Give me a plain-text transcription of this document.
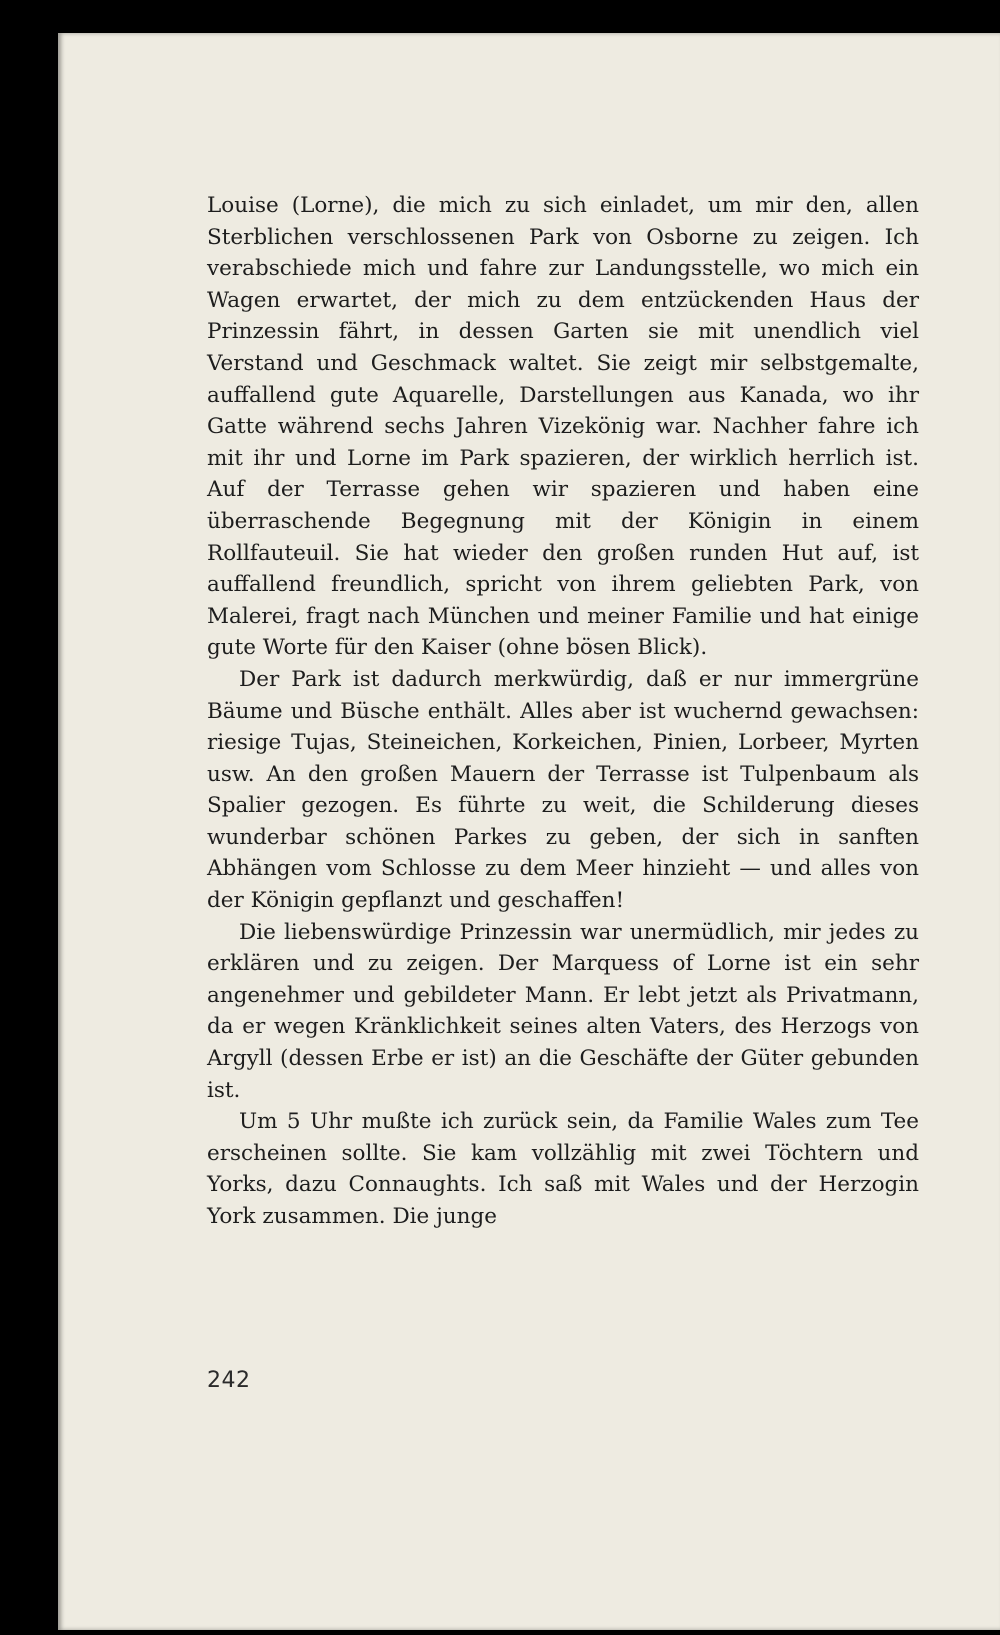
Louise (Lorne), die mich zu sich einladet, um mir den, allen Sterblichen verschlossenen Park von Osborne zu zeigen. Ich verabschiede mich und fahre zur Landungsstelle, wo mich ein Wagen erwartet, der mich zu dem entzückenden Haus der Prinzessin fährt, in dessen Garten sie mit unendlich viel Verstand und Geschmack waltet. Sie zeigt mir selbstgemalte, auffallend gute Aquarelle, Darstellungen aus Kanada, wo ihr Gatte während sechs Jahren Vizekönig war. Nachher fahre ich mit ihr und Lorne im Park spazieren, der wirklich herrlich ist. Auf der Terrasse gehen wir spazieren und haben eine überraschende Begegnung mit der Königin in einem Rollfauteuil. Sie hat wieder den großen runden Hut auf, ist auffallend freundlich, spricht von ihrem geliebten Park, von Malerei, fragt nach München und meiner Familie und hat einige gute Worte für den Kaiser (ohne bösen Blick).

Der Park ist dadurch merkwürdig, daß er nur immergrüne Bäume und Büsche enthält. Alles aber ist wuchernd gewachsen: riesige Tujas, Steineichen, Korkeichen, Pinien, Lorbeer, Myrten usw. An den großen Mauern der Terrasse ist Tulpenbaum als Spalier gezogen. Es führte zu weit, die Schilderung dieses wunderbar schönen Parkes zu geben, der sich in sanften Abhängen vom Schlosse zu dem Meer hinzieht — und alles von der Königin gepflanzt und geschaffen!

Die liebenswürdige Prinzessin war unermüdlich, mir jedes zu erklären und zu zeigen. Der Marquess of Lorne ist ein sehr angenehmer und gebildeter Mann. Er lebt jetzt als Privatmann, da er wegen Kränklichkeit seines alten Vaters, des Herzogs von Argyll (dessen Erbe er ist) an die Geschäfte der Güter gebunden ist.

Um 5 Uhr mußte ich zurück sein, da Familie Wales zum Tee erscheinen sollte. Sie kam vollzählig mit zwei Töchtern und Yorks, dazu Connaughts. Ich saß mit Wales und der Herzogin York zusammen. Die junge

242
